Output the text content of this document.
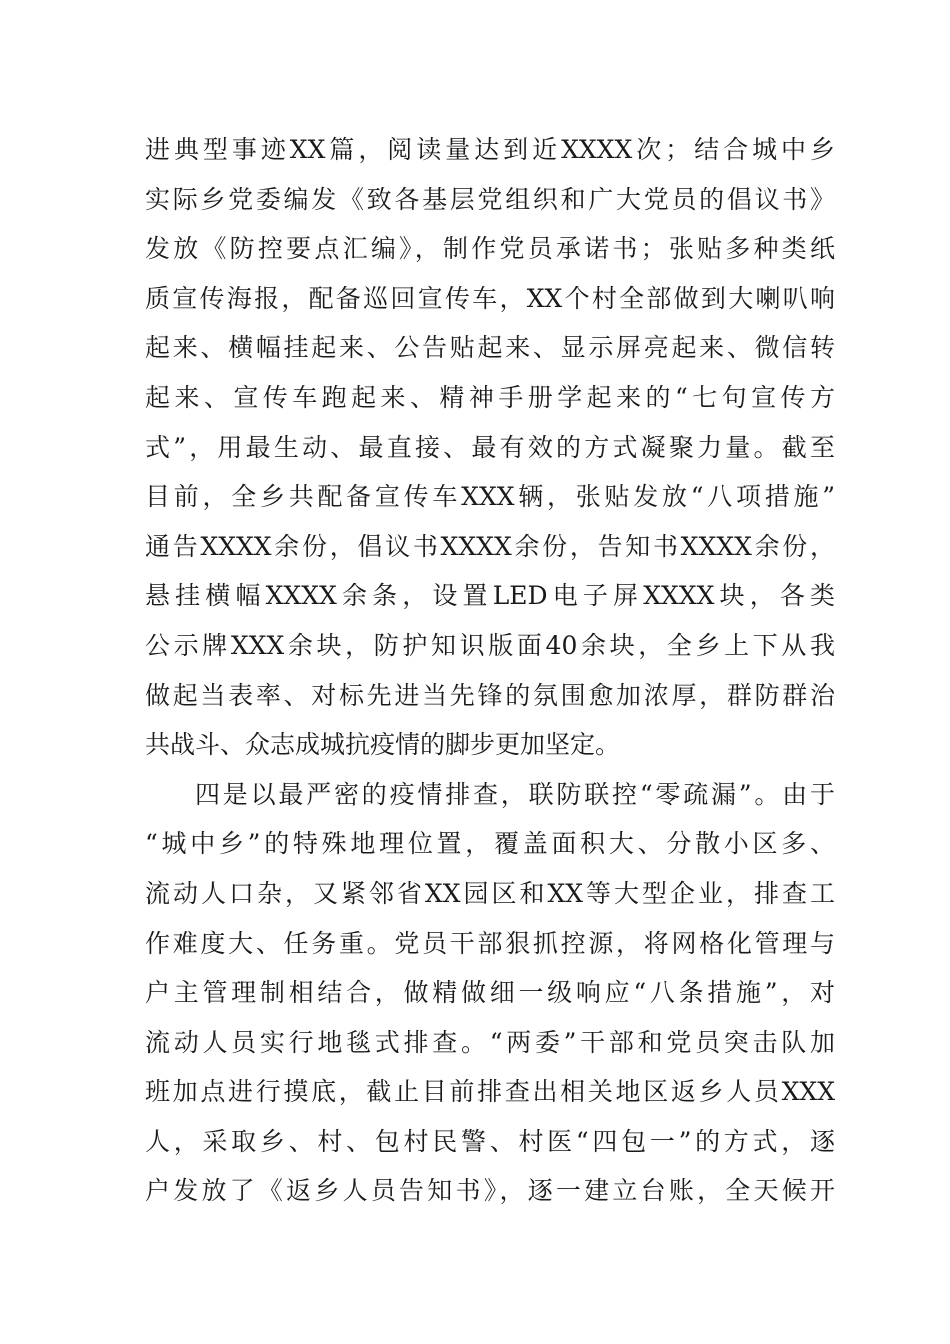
进典型事迹XX篇，阅读量达到近XXXX次；结合城中乡
实际乡党委编发《致各基层党组织和广大党员的倡议书》
发放《防控要点汇编》，制作党员承诺书；张贴多种类纸
质宣传海报，配备巡回宣传车，XX个村全部做到大喇叭响
起来、横幅挂起来、公告贴起来、显示屏亮起来、微信转
起来、宣传车跑起来、精神手册学起来的“七句宣传方
式”，用最生动、最直接、最有效的方式凝聚力量。截至
目前，全乡共配备宣传车XXX辆，张贴发放“八项措施”
通告XXXX余份，倡议书XXXX余份，告知书XXXX余份，
悬挂横幅XXXX余条，设置LED电子屏XXXX块，各类
公示牌XXX余块，防护知识版面40余块，全乡上下从我
做起当表率、对标先进当先锋的氛围愈加浓厚，群防群治
共战斗、众志成城抗疫情的脚步更加坚定。
四是以最严密的疫情排查，联防联控“零疏漏”。由于
“城中乡”的特殊地理位置，覆盖面积大、分散小区多、
流动人口杂，又紧邻省XX园区和XX等大型企业，排查工
作难度大、任务重。党员干部狠抓控源，将网格化管理与
户主管理制相结合，做精做细一级响应“八条措施”，对
流动人员实行地毯式排查。“两委”干部和党员突击队加
班加点进行摸底，截止目前排查出相关地区返乡人员XXX
人，采取乡、村、包村民警、村医“四包一”的方式，逐
户发放了《返乡人员告知书》，逐一建立台账，全天候开
